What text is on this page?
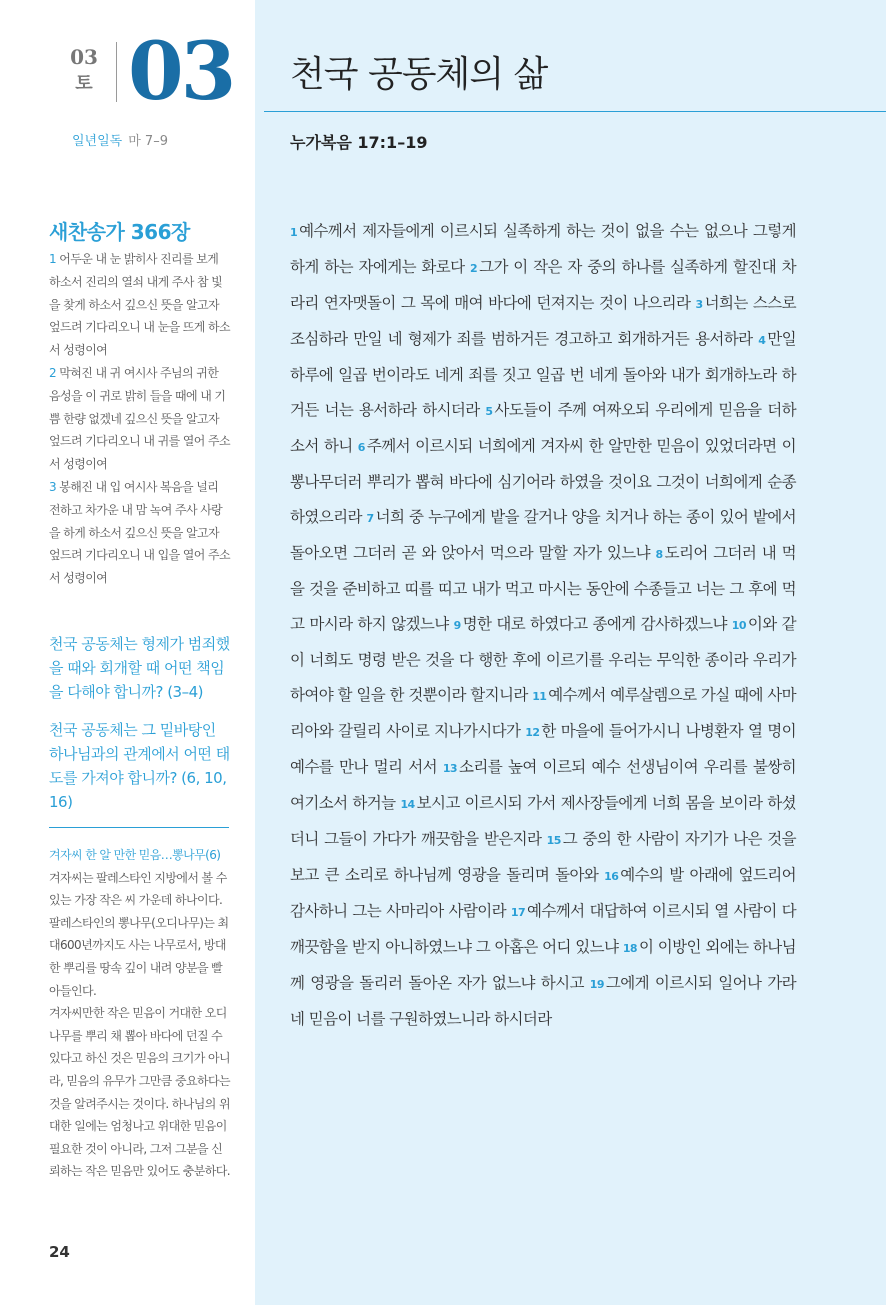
03
토 03
일년일독 마 7–9
새찬송가 366장
1 어두운 내 눈 밝히사 진리를 보게 하소서 진리의 열쇠 내게 주사 참 빛을 찾게 하소서 깊으신 뜻을 알고자 엎드려 기다리오니 내 눈을 뜨게 하소서 성령이여
2 막혀진 내 귀 여시사 주님의 귀한 음성을 이 귀로 밝히 들을 때에 내 기쁨 한량 없겠네 깊으신 뜻을 알고자 엎드려 기다리오니 내 귀를 열어 주소서 성령이여
3 봉해진 내 입 여시사 복음을 널리 전하고 차가운 내 맘 녹여 주사 사랑을 하게 하소서 깊으신 뜻을 알고자 엎드려 기다리오니 내 입을 열어 주소서 성령이여

천국 공동체는 형제가 범죄했을 때와 회개할 때 어떤 책임을 다해야 합니까? (3–4)

천국 공동체는 그 밑바탕인 하나님과의 관계에서 어떤 태도를 가져야 합니까? (6, 10, 16)

겨자씨 한 알 만한 믿음…뽕나무(6) 겨자씨는 팔레스타인 지방에서 볼 수 있는 가장 작은 씨 가운데 하나이다. 팔레스타인의 뽕나무(오디나무)는 최대600년까지도 사는 나무로서, 방대한 뿌리를 땅속 깊이 내려 양분을 빨아들인다.
겨자씨만한 작은 믿음이 거대한 오디나무를 뿌리 채 뽑아 바다에 던질 수 있다고 하신 것은 믿음의 크기가 아니라, 믿음의 유무가 그만큼 중요하다는 것을 알려주시는 것이다. 하나님의 위대한 일에는 엄청나고 위대한 믿음이 필요한 것이 아니라, 그저 그분을 신뢰하는 작은 믿음만 있어도 충분하다.
24
천국 공동체의 삶
누가복음 17:1–19
1 예수께서 제자들에게 이르시되 실족하게 하는 것이 없을 수는 없으나 그렇게 하게 하는 자에게는 화로다 2 그가 이 작은 자 중의 하나를 실족하게 할진대 차라리 연자맷돌이 그 목에 매여 바다에 던져지는 것이 나으리라 3 너희는 스스로 조심하라 만일 네 형제가 죄를 범하거든 경고하고 회개하거든 용서하라 4 만일 하루에 일곱 번이라도 네게 죄를 짓고 일곱 번 네게 돌아와 내가 회개하노라 하거든 너는 용서하라 하시더라 5 사도들이 주께 여짜오되 우리에게 믿음을 더하소서 하니 6 주께서 이르시되 너희에게 겨자씨 한 알만한 믿음이 있었더라면 이 뽕나무더러 뿌리가 뽑혀 바다에 심기어라 하였을 것이요 그것이 너희에게 순종하였으리라 7 너희 중 누구에게 밭을 갈거나 양을 치거나 하는 종이 있어 밭에서 돌아오면 그더러 곧 와 앉아서 먹으라 말할 자가 있느냐 8 도리어 그더러 내 먹을 것을 준비하고 띠를 띠고 내가 먹고 마시는 동안에 수종들고 너는 그 후에 먹고 마시라 하지 않겠느냐 9 명한 대로 하였다고 종에게 감사하겠느냐 10 이와 같이 너희도 명령 받은 것을 다 행한 후에 이르기를 우리는 무익한 종이라 우리가 하여야 할 일을 한 것뿐이라 할지니라 11 예수께서 예루살렘으로 가실 때에 사마리아와 갈릴리 사이로 지나가시다가 12 한 마을에 들어가시니 나병환자 열 명이 예수를 만나 멀리 서서 13 소리를 높여 이르되 예수 선생님이여 우리를 불쌍히 여기소서 하거늘 14 보시고 이르시되 가서 제사장들에게 너희 몸을 보이라 하셨더니 그들이 가다가 깨끗함을 받은지라 15 그 중의 한 사람이 자기가 나은 것을 보고 큰 소리로 하나님께 영광을 돌리며 돌아와 16 예수의 발 아래에 엎드리어 감사하니 그는 사마리아 사람이라 17 예수께서 대답하여 이르시되 열 사람이 다 깨끗함을 받지 아니하였느냐 그 아홉은 어디 있느냐 18 이 이방인 외에는 하나님께 영광을 돌리러 돌아온 자가 없느냐 하시고 19 그에게 이르시되 일어나 가라 네 믿음이 너를 구원하였느니라 하시더라
